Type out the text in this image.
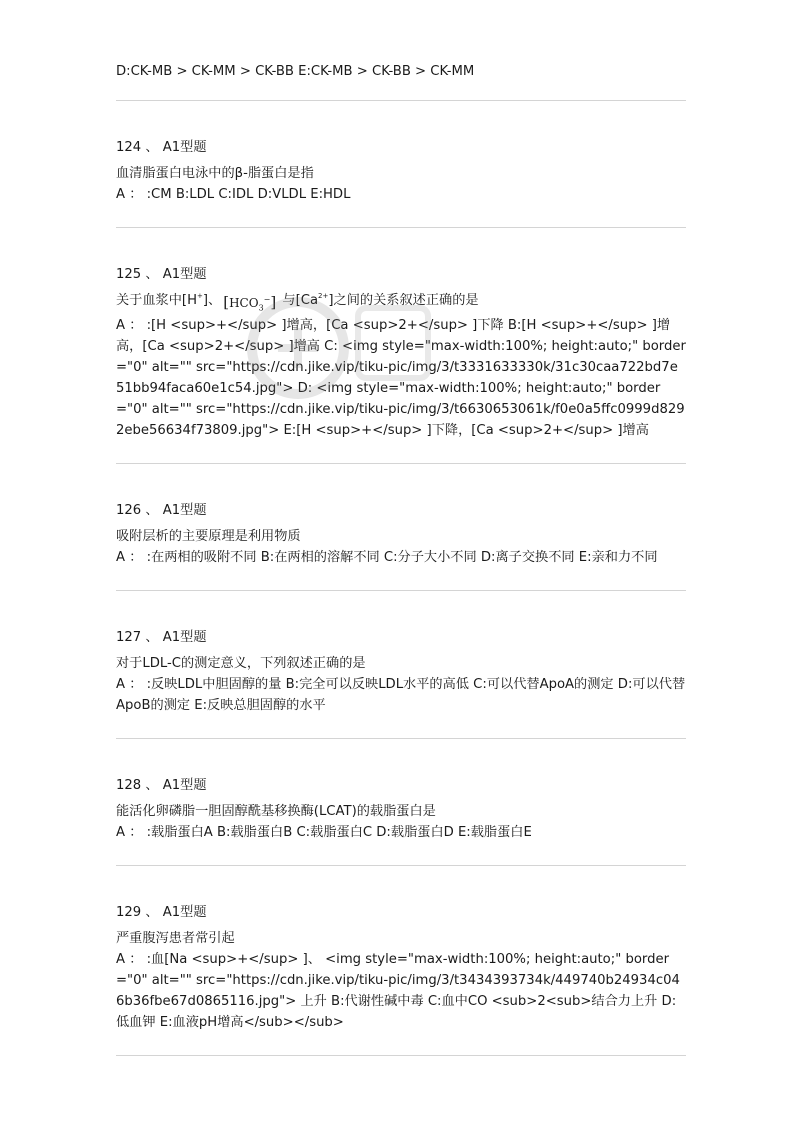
D:CK-MB > CK-MM > CK-BB E:CK-MB > CK-BB > CK-MM
124 、 A1型题
血清脂蛋白电泳中的β-脂蛋白是指
A ： :CM B:LDL C:IDL D:VLDL E:HDL
125 、 A1型题
关于血浆中[H+]、 $[HCO_3^-]$ 与$[Ca^{2+}]$之间的关系叙述正确的是
A ： :[H <sup>+</sup> ]增高，[Ca <sup>2+</sup> ]下降 B:[H <sup>+</sup> ]增高，[Ca <sup>2+</sup> ]增高 C: <img style="max-width:100%; height:auto;" border="0" alt="" src="https://cdn.jike.vip/tiku-pic/img/3/t3331633330k/31c30caa722bd7e51bb94faca60e1c54.jpg"> D: <img style="max-width:100%; height:auto;" border="0" alt="" src="https://cdn.jike.vip/tiku-pic/img/3/t6630653061k/f0e0a5ffc0999d8292ebe56634f73809.jpg"> E:[H <sup>+</sup> ]下降，[Ca <sup>2+</sup> ]增高
126 、 A1型题
吸附层析的主要原理是利用物质
A ： :在两相的吸附不同 B:在两相的溶解不同 C:分子大小不同 D:离子交换不同 E:亲和力不同
127 、 A1型题
对于LDL-C的测定意义，下列叙述正确的是
A ： :反映LDL中胆固醇的量 B:完全可以反映LDL水平的高低 C:可以代替ApoA的测定 D:可以代替ApoB的测定 E:反映总胆固醇的水平
128 、 A1型题
能活化卵磷脂一胆固醇酰基移换酶(LCAT)的载脂蛋白是
A ： :载脂蛋白A B:载脂蛋白B C:载脂蛋白C D:载脂蛋白D E:载脂蛋白E
129 、 A1型题
严重腹泻患者常引起
A ： :血[Na <sup>+</sup> ]、 <img style="max-width:100%; height:auto;" border="0" alt="" src="https://cdn.jike.vip/tiku-pic/img/3/t3434393734k/449740b24934c046b36fbe67d0865116.jpg"> 上升 B:代谢性碱中毒 C:血中CO <sub>2<sub>结合力上升 D:低血钾 E:血液pH增高</sub></sub>
